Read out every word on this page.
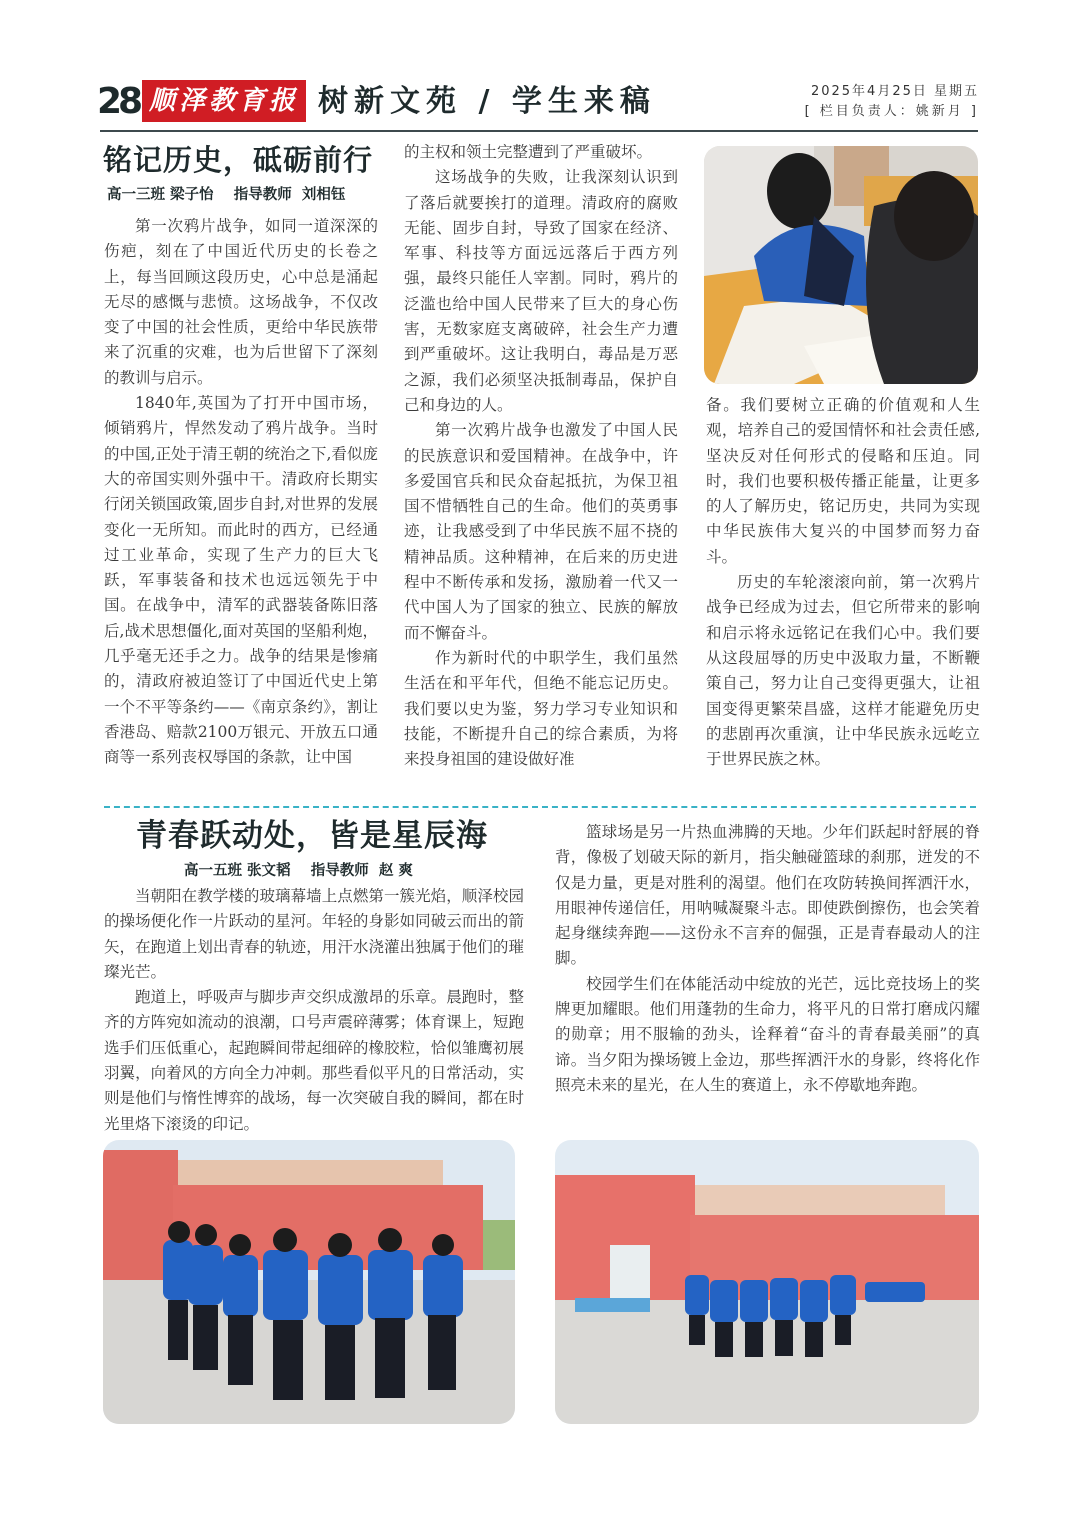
28 顺泽教育报 树新文苑 / 学生来稿	2025年4月25日 星期五
[ 栏目负责人：姚新月 ]
铭记历史，砥砺前行
高一三班 梁子怡    指导教师  刘相钰

第一次鸦片战争，如同一道深深的伤疤，刻在了中国近代历史的长卷之上，每当回顾这段历史，心中总是涌起无尽的感慨与悲愤。这场战争，不仅改变了中国的社会性质，更给中华民族带来了沉重的灾难，也为后世留下了深刻的教训与启示。

1840年,英国为了打开中国市场，倾销鸦片，悍然发动了鸦片战争。当时的中国,正处于清王朝的统治之下,看似庞大的帝国实则外强中干。清政府长期实行闭关锁国政策,固步自封,对世界的发展变化一无所知。而此时的西方，已经通过工业革命，实现了生产力的巨大飞跃，军事装备和技术也远远领先于中国。在战争中，清军的武器装备陈旧落后,战术思想僵化,面对英国的坚船利炮，几乎毫无还手之力。战争的结果是惨痛的，清政府被迫签订了中国近代史上第一个不平等条约——《南京条约》，割让香港岛、赔款2100万银元、开放五口通商等一系列丧权辱国的条款，让中国

的主权和领土完整遭到了严重破坏。

这场战争的失败，让我深刻认识到了落后就要挨打的道理。清政府的腐败无能、固步自封，导致了国家在经济、军事、科技等方面远远落后于西方列强，最终只能任人宰割。同时，鸦片的泛滥也给中国人民带来了巨大的身心伤害，无数家庭支离破碎，社会生产力遭到严重破坏。这让我明白，毒品是万恶之源，我们必须坚决抵制毒品，保护自己和身边的人。

第一次鸦片战争也激发了中国人民的民族意识和爱国精神。在战争中，许多爱国官兵和民众奋起抵抗，为保卫祖国不惜牺牲自己的生命。他们的英勇事迹，让我感受到了中华民族不屈不挠的精神品质。这种精神，在后来的历史进程中不断传承和发扬，激励着一代又一代中国人为了国家的独立、民族的解放而不懈奋斗。

作为新时代的中职学生，我们虽然生活在和平年代，但绝不能忘记历史。我们要以史为鉴，努力学习专业知识和技能，不断提升自己的综合素质，为将来投身祖国的建设做好准

备。我们要树立正确的价值观和人生观，培养自己的爱国情怀和社会责任感,坚决反对任何形式的侵略和压迫。同时，我们也要积极传播正能量，让更多的人了解历史，铭记历史，共同为实现中华民族伟大复兴的中国梦而努力奋斗。

历史的车轮滚滚向前，第一次鸦片战争已经成为过去，但它所带来的影响和启示将永远铭记在我们心中。我们要从这段屈辱的历史中汲取力量，不断鞭策自己，努力让自己变得更强大，让祖国变得更繁荣昌盛，这样才能避免历史的悲剧再次重演，让中华民族永远屹立于世界民族之林。

青春跃动处，皆是星辰海
高一五班 张文韬    指导教师  赵 爽

当朝阳在教学楼的玻璃幕墙上点燃第一簇光焰，顺泽校园的操场便化作一片跃动的星河。年轻的身影如同破云而出的箭矢，在跑道上划出青春的轨迹，用汗水浇灌出独属于他们的璀璨光芒。

跑道上，呼吸声与脚步声交织成激昂的乐章。晨跑时，整齐的方阵宛如流动的浪潮，口号声震碎薄雾；体育课上，短跑选手们压低重心，起跑瞬间带起细碎的橡胶粒，恰似雏鹰初展羽翼，向着风的方向全力冲刺。那些看似平凡的日常活动，实则是他们与惰性博弈的战场，每一次突破自我的瞬间，都在时光里烙下滚烫的印记。

篮球场是另一片热血沸腾的天地。少年们跃起时舒展的脊背，像极了划破天际的新月，指尖触碰篮球的刹那，迸发的不仅是力量，更是对胜利的渴望。他们在攻防转换间挥洒汗水，用眼神传递信任，用呐喊凝聚斗志。即使跌倒擦伤，也会笑着起身继续奔跑——这份永不言弃的倔强，正是青春最动人的注脚。

校园学生们在体能活动中绽放的光芒，远比竞技场上的奖牌更加耀眼。他们用蓬勃的生命力，将平凡的日常打磨成闪耀的勋章；用不服输的劲头，诠释着“奋斗的青春最美丽”的真谛。当夕阳为操场镀上金边，那些挥洒汗水的身影，终将化作照亮未来的星光，在人生的赛道上，永不停歇地奔跑。
